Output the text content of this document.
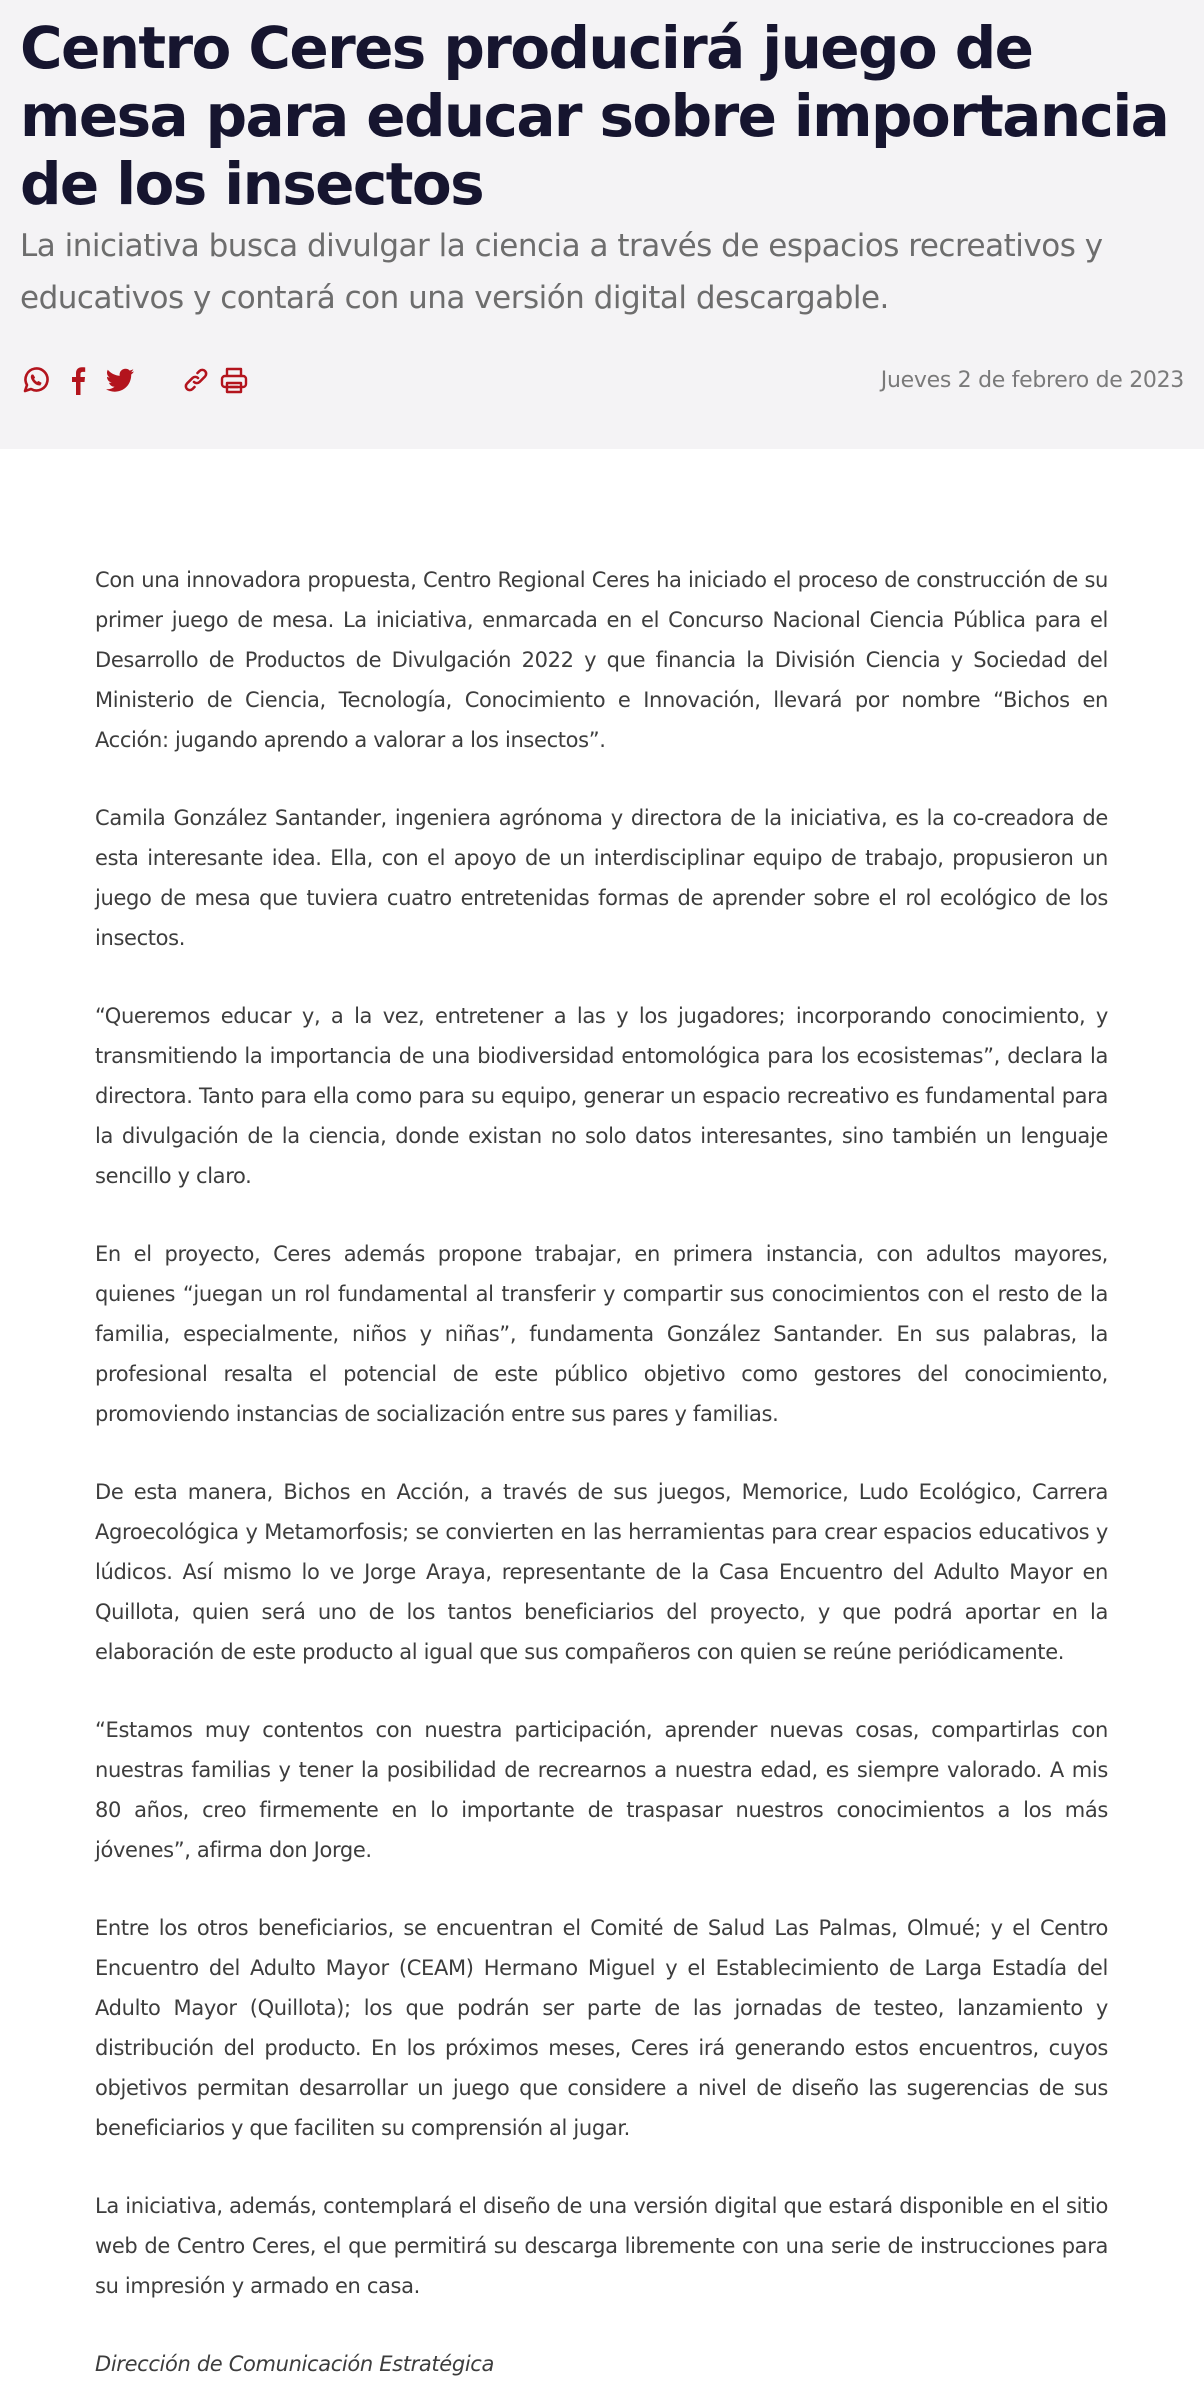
Centro Ceres producirá juego de mesa para educar sobre importancia de los insectos

La iniciativa busca divulgar la ciencia a través de espacios recreativos y educativos y contará con una versión digital descargable.

Jueves 2 de febrero de 2023

Con una innovadora propuesta, Centro Regional Ceres ha iniciado el proceso de construcción de su primer juego de mesa. La iniciativa, enmarcada en el Concurso Nacional Ciencia Pública para el Desarrollo de Productos de Divulgación 2022 y que financia la División Ciencia y Sociedad del Ministerio de Ciencia, Tecnología, Conocimiento e Innovación, llevará por nombre “Bichos en Acción: jugando aprendo a valorar a los insectos”.

Camila González Santander, ingeniera agrónoma y directora de la iniciativa, es la co-creadora de esta interesante idea. Ella, con el apoyo de un interdisciplinar equipo de trabajo, propusieron un juego de mesa que tuviera cuatro entretenidas formas de aprender sobre el rol ecológico de los insectos.

“Queremos educar y, a la vez, entretener a las y los jugadores; incorporando conocimiento, y transmitiendo la importancia de una biodiversidad entomológica para los ecosistemas”, declara la directora. Tanto para ella como para su equipo, generar un espacio recreativo es fundamental para la divulgación de la ciencia, donde existan no solo datos interesantes, sino también un lenguaje sencillo y claro.

En el proyecto, Ceres además propone trabajar, en primera instancia, con adultos mayores, quienes “juegan un rol fundamental al transferir y compartir sus conocimientos con el resto de la familia, especialmente, niños y niñas”, fundamenta González Santander. En sus palabras, la profesional resalta el potencial de este público objetivo como gestores del conocimiento, promoviendo instancias de socialización entre sus pares y familias.

De esta manera, Bichos en Acción, a través de sus juegos, Memorice, Ludo Ecológico, Carrera Agroecológica y Metamorfosis; se convierten en las herramientas para crear espacios educativos y lúdicos. Así mismo lo ve Jorge Araya, representante de la Casa Encuentro del Adulto Mayor en Quillota, quien será uno de los tantos beneficiarios del proyecto, y que podrá aportar en la elaboración de este producto al igual que sus compañeros con quien se reúne periódicamente.

“Estamos muy contentos con nuestra participación, aprender nuevas cosas, compartirlas con nuestras familias y tener la posibilidad de recrearnos a nuestra edad, es siempre valorado. A mis 80 años, creo firmemente en lo importante de traspasar nuestros conocimientos a los más jóvenes”, afirma don Jorge.

Entre los otros beneficiarios, se encuentran el Comité de Salud Las Palmas, Olmué; y el Centro Encuentro del Adulto Mayor (CEAM) Hermano Miguel y el Establecimiento de Larga Estadía del Adulto Mayor (Quillota); los que podrán ser parte de las jornadas de testeo, lanzamiento y distribución del producto. En los próximos meses, Ceres irá generando estos encuentros, cuyos objetivos permitan desarrollar un juego que considere a nivel de diseño las sugerencias de sus beneficiarios y que faciliten su comprensión al jugar.

La iniciativa, además, contemplará el diseño de una versión digital que estará disponible en el sitio web de Centro Ceres, el que permitirá su descarga libremente con una serie de instrucciones para su impresión y armado en casa.

Dirección de Comunicación Estratégica
